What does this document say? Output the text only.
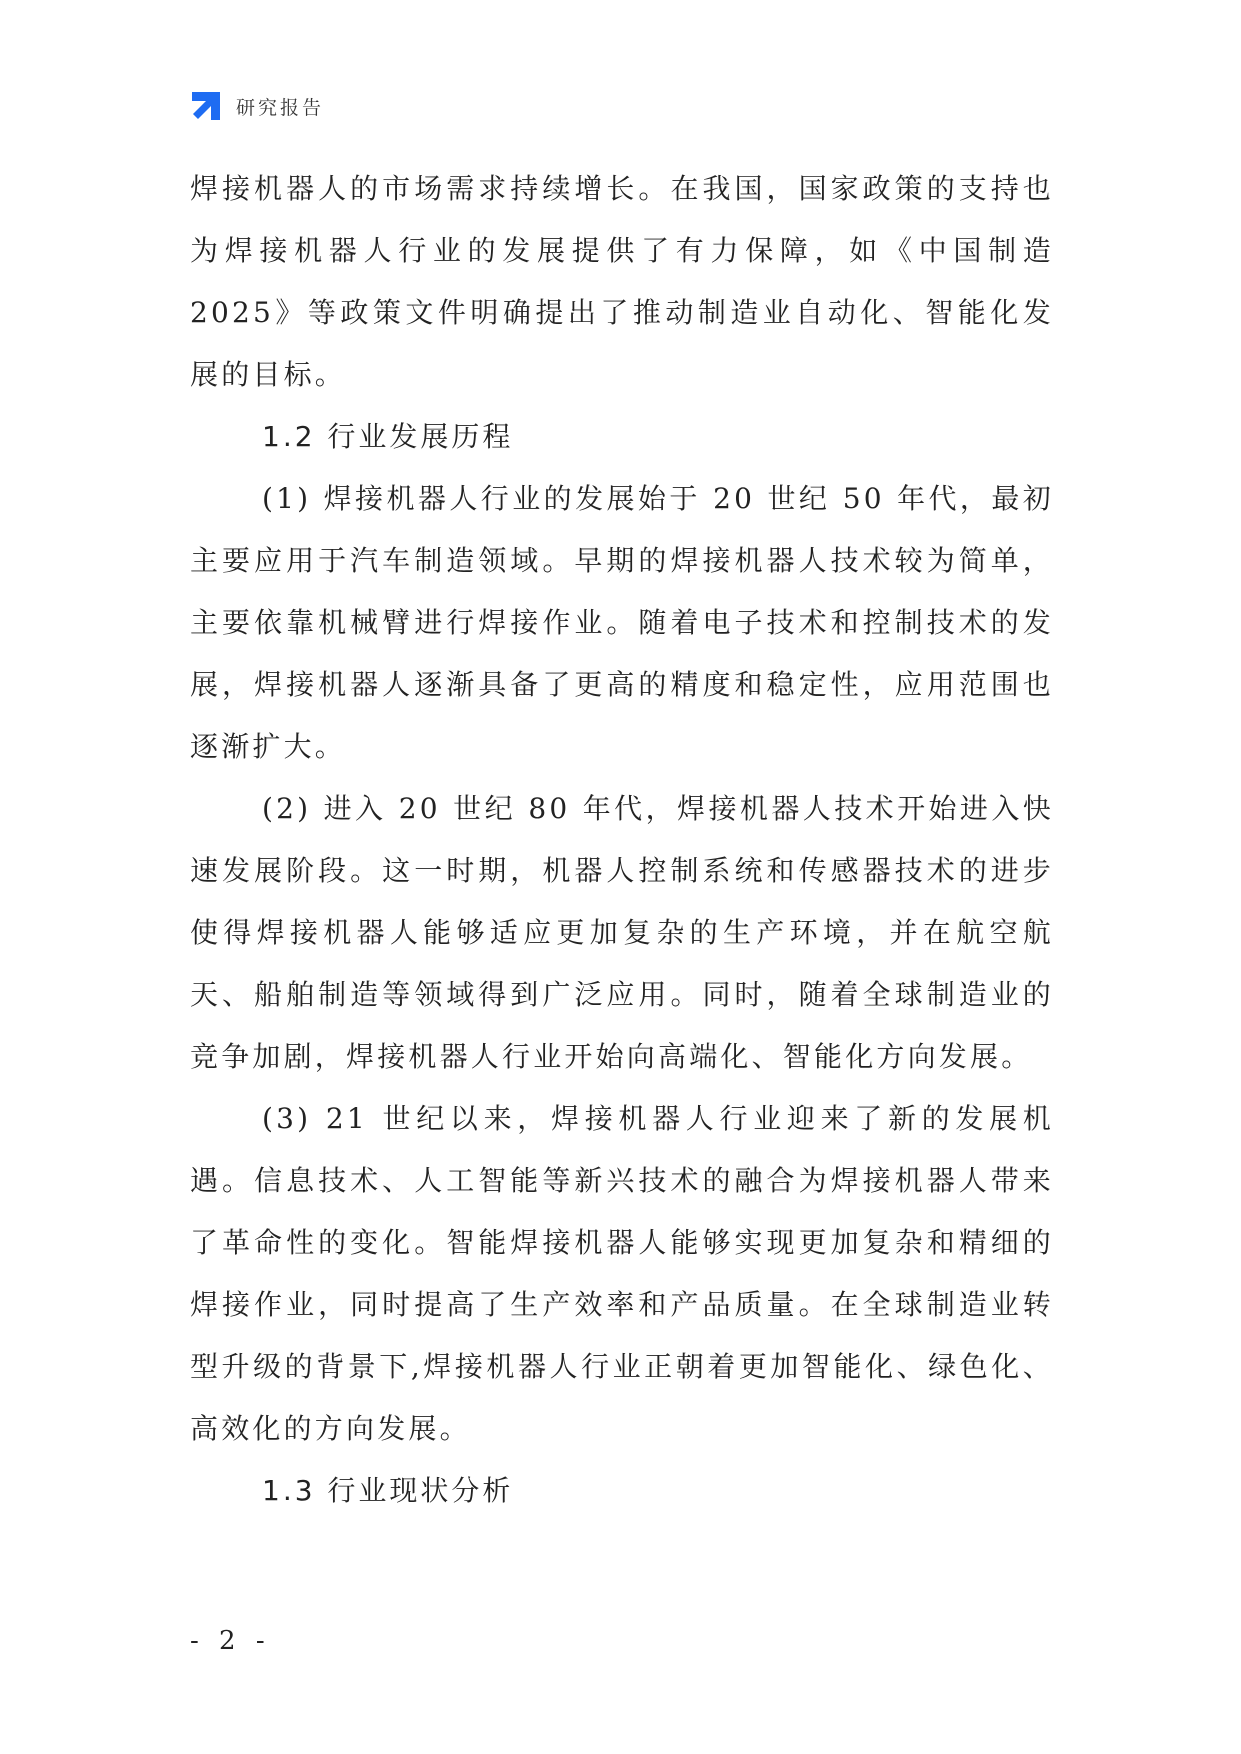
研究报告

焊接机器人的市场需求持续增长。在我国，国家政策的支持也为焊接机器人行业的发展提供了有力保障，如《中国制造2025》等政策文件明确提出了推动制造业自动化、智能化发展的目标。

1.2 行业发展历程

(1) 焊接机器人行业的发展始于 20 世纪 50 年代，最初主要应用于汽车制造领域。早期的焊接机器人技术较为简单，主要依靠机械臂进行焊接作业。随着电子技术和控制技术的发展，焊接机器人逐渐具备了更高的精度和稳定性，应用范围也逐渐扩大。

(2) 进入 20 世纪 80 年代，焊接机器人技术开始进入快速发展阶段。这一时期，机器人控制系统和传感器技术的进步使得焊接机器人能够适应更加复杂的生产环境，并在航空航天、船舶制造等领域得到广泛应用。同时，随着全球制造业的竞争加剧，焊接机器人行业开始向高端化、智能化方向发展。

(3) 21 世纪以来，焊接机器人行业迎来了新的发展机遇。信息技术、人工智能等新兴技术的融合为焊接机器人带来了革命性的变化。智能焊接机器人能够实现更加复杂和精细的焊接作业，同时提高了生产效率和产品质量。在全球制造业转型升级的背景下,焊接机器人行业正朝着更加智能化、绿色化、高效化的方向发展。

1.3 行业现状分析

- 2 -
